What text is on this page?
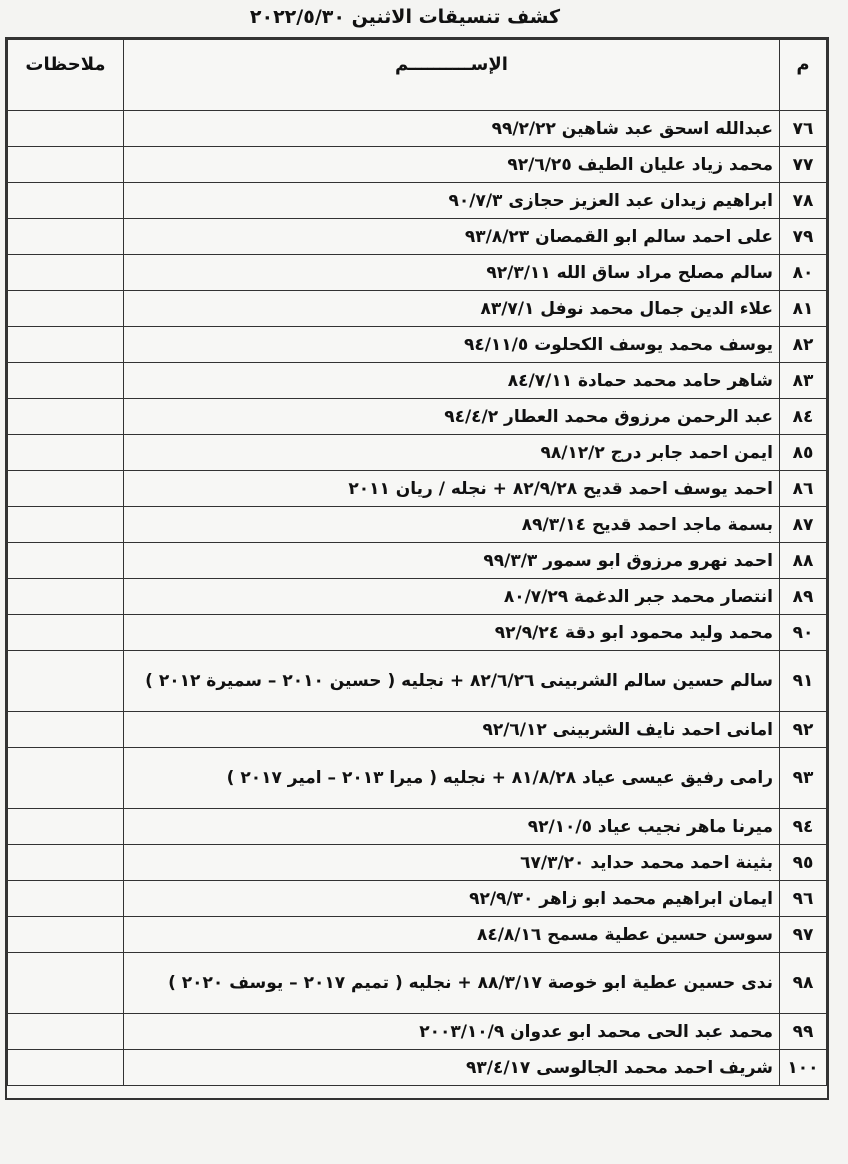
كشف تنسيقات الاثنين ٢٠٢٢/٥/٣٠
م	الإســــــــــم	ملاحظات
٧٦	عبدالله اسحق عبد شاهين ٩٩/٢/٢٢	
٧٧	محمد زياد عليان الطيف ٩٢/٦/٢٥	
٧٨	ابراهيم زيدان عبد العزيز حجازى ٩٠/٧/٣	
٧٩	على احمد سالم ابو القمصان ٩٣/٨/٢٣	
٨٠	سالم مصلح مراد ساق الله ٩٢/٣/١١	
٨١	علاء الدين جمال محمد نوفل ٨٣/٧/١	
٨٢	يوسف محمد يوسف الكحلوت ٩٤/١١/٥	
٨٣	شاهر حامد محمد حمادة ٨٤/٧/١١	
٨٤	عبد الرحمن مرزوق محمد العطار ٩٤/٤/٢	
٨٥	ايمن احمد جابر درج ٩٨/١٢/٢	
٨٦	احمد يوسف احمد قديح ٨٢/٩/٢٨ + نجله / ريان ٢٠١١	
٨٧	بسمة ماجد احمد قديح ٨٩/٣/١٤	
٨٨	احمد نهرو مرزوق ابو سمور ٩٩/٣/٣	
٨٩	انتصار محمد جبر الدغمة ٨٠/٧/٢٩	
٩٠	محمد وليد محمود ابو دقة ٩٢/٩/٢٤	
٩١	سالم حسين سالم الشربينى ٨٢/٦/٢٦ + نجليه ( حسين ٢٠١٠ – سميرة ٢٠١٢ )	
٩٢	امانى احمد نايف الشربينى ٩٢/٦/١٢	
٩٣	رامى رفيق عيسى عياد ٨١/٨/٢٨ + نجليه ( ميرا ٢٠١٣ – امير ٢٠١٧ )	
٩٤	ميرنا ماهر نجيب عياد ٩٢/١٠/٥	
٩٥	بثينة احمد محمد حدايد ٦٧/٣/٢٠	
٩٦	ايمان ابراهيم محمد ابو زاهر ٩٢/٩/٣٠	
٩٧	سوسن حسين عطية مسمح ٨٤/٨/١٦	
٩٨	ندى حسين عطية ابو خوصة ٨٨/٣/١٧ + نجليه ( تميم ٢٠١٧ – يوسف ٢٠٢٠ )	
٩٩	محمد عبد الحى محمد ابو عدوان ٢٠٠٣/١٠/٩	
١٠٠	شريف احمد محمد الجالوسى ٩٣/٤/١٧	
